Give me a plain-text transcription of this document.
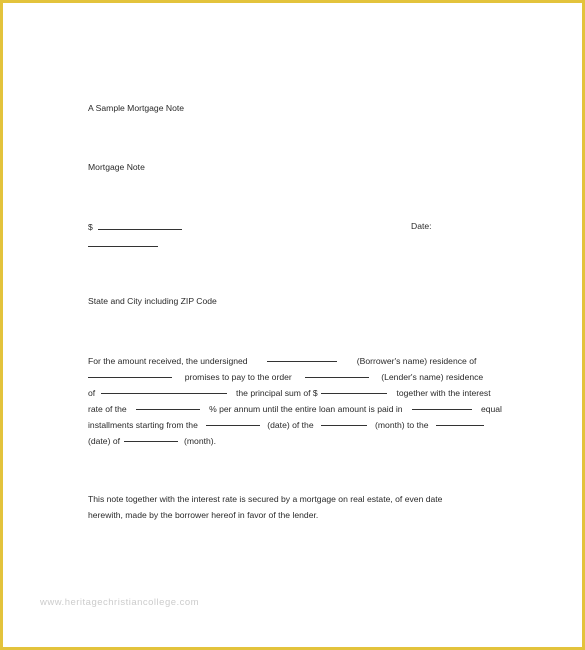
A Sample Mortgage Note
Mortgage Note
$	Date:
State and City including ZIP Code
For the amount received, the undersigned	(Borrower's name) residence of
promises to pay to the order	(Lender's name) residence
of	the principal sum of $	together with the interest
rate of the	% per annum until the entire loan amount is paid in	equal
installments starting from the	(date) of the	(month) to the
(date) of	(month).
This note together with the interest rate is secured by a mortgage on real estate, of even date
herewith, made by the borrower hereof in favor of the lender.
www.heritagechristiancollege.com
